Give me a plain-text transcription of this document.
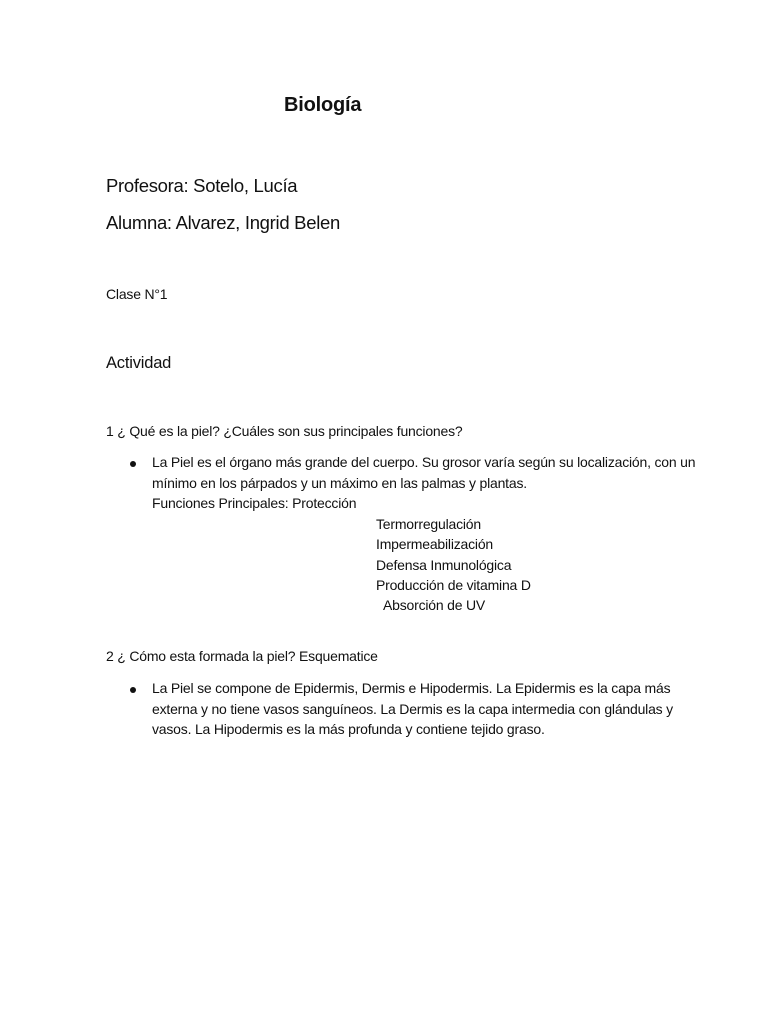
Biología

Profesora: Sotelo, Lucía

Alumna: Alvarez, Ingrid Belen

Clase N°1

Actividad

1 ¿ Qué es la piel? ¿Cuáles son sus principales funciones?

La Piel es el órgano más grande del cuerpo. Su grosor varía según su localización, con un
mínimo en los párpados y un máximo en las palmas y plantas.
Funciones Principales: Protección
Termorregulación
Impermeabilización
Defensa Inmunológica
Producción de vitamina D
Absorción de UV

2 ¿ Cómo esta formada la piel? Esquematice

La Piel se compone de Epidermis, Dermis e Hipodermis. La Epidermis es la capa más
externa y no tiene vasos sanguíneos. La Dermis es la capa intermedia con glándulas y
vasos. La Hipodermis es la más profunda y contiene tejido graso.
